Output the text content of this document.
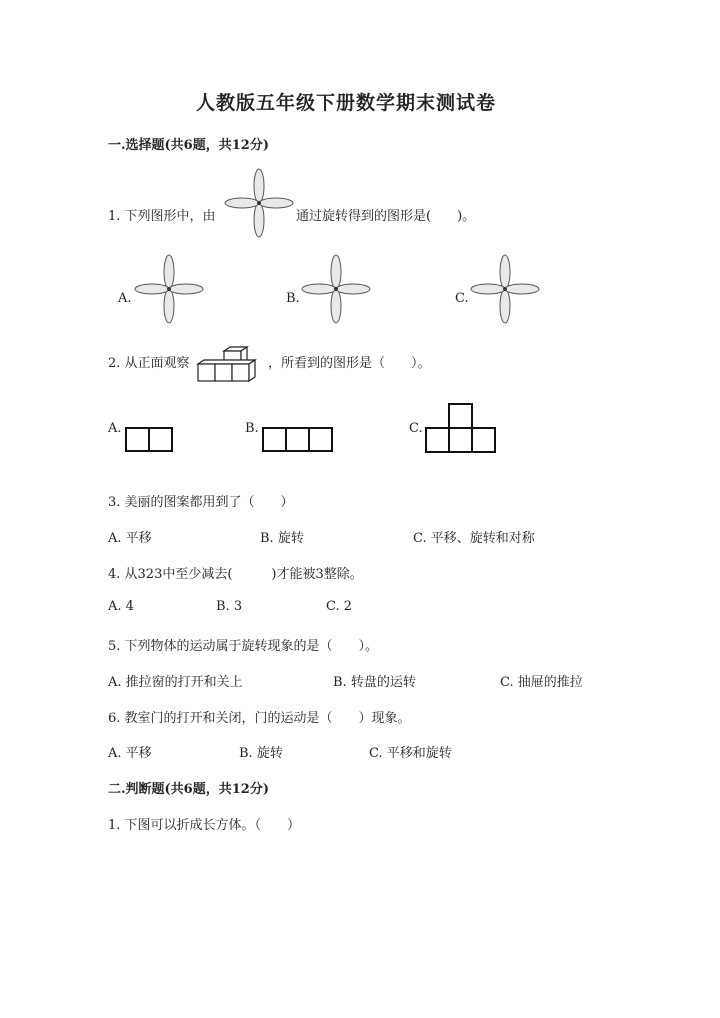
人教版五年级下册数学期末测试卷
一.选择题(共6题，共12分)
1. 下列图形中，由	通过旋转得到的图形是(　　)。
A.	B.	C.
2. 从正面观察	，所看到的图形是（　　）。
A.	B.	C.
3. 美丽的图案都用到了（　　）
A. 平移	B. 旋转	C. 平移、旋转和对称
4. 从323中至少减去(　　　)才能被3整除。
A. 4	B. 3	C. 2
5. 下列物体的运动属于旋转现象的是（　　）。
A. 推拉窗的打开和关上	B. 转盘的运转	C. 抽屉的推拉
6. 教室门的打开和关闭，门的运动是（　　）现象。
A. 平移	B. 旋转	C. 平移和旋转
二.判断题(共6题，共12分)
1. 下图可以折成长方体。（　　）
